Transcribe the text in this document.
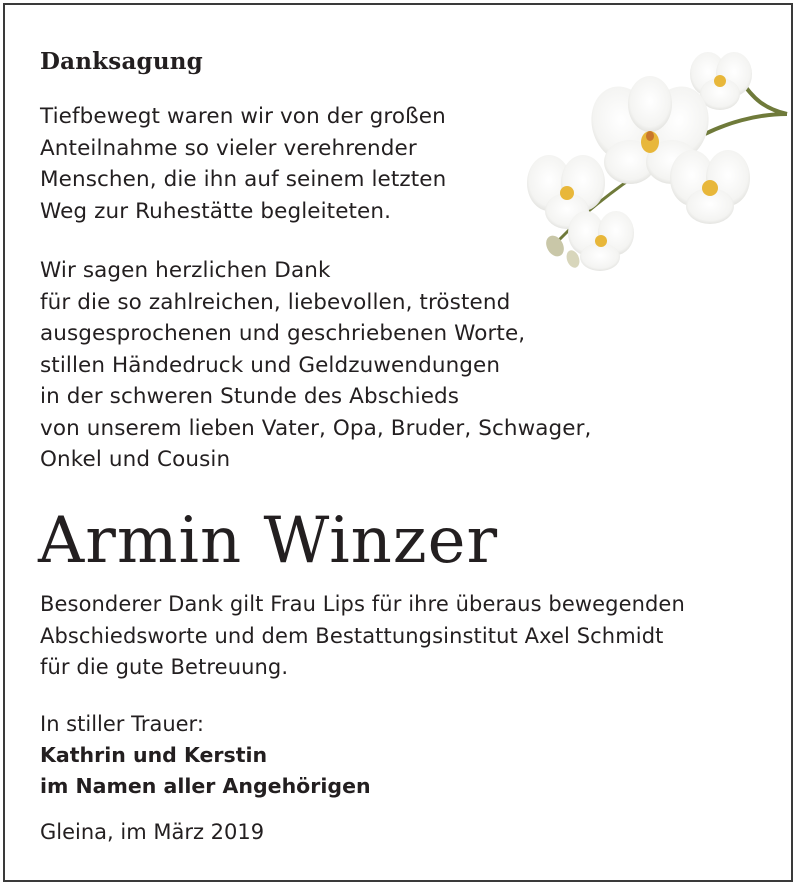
Danksagung

Tiefbewegt waren wir von der großen
Anteilnahme so vieler verehrender
Menschen, die ihn auf seinem letzten
Weg zur Ruhestätte begleiteten.

Wir sagen herzlichen Dank
für die so zahlreichen, liebevollen, tröstend
ausgesprochenen und geschriebenen Worte,
stillen Händedruck und Geldzuwendungen
in der schweren Stunde des Abschieds
von unserem lieben Vater, Opa, Bruder, Schwager,
Onkel und Cousin

Armin Winzer

Besonderer Dank gilt Frau Lips für ihre überaus bewegenden
Abschiedsworte und dem Bestattungsinstitut Axel Schmidt
für die gute Betreuung.

In stiller Trauer:
Kathrin und Kerstin
im Namen aller Angehörigen
Gleina, im März 2019
